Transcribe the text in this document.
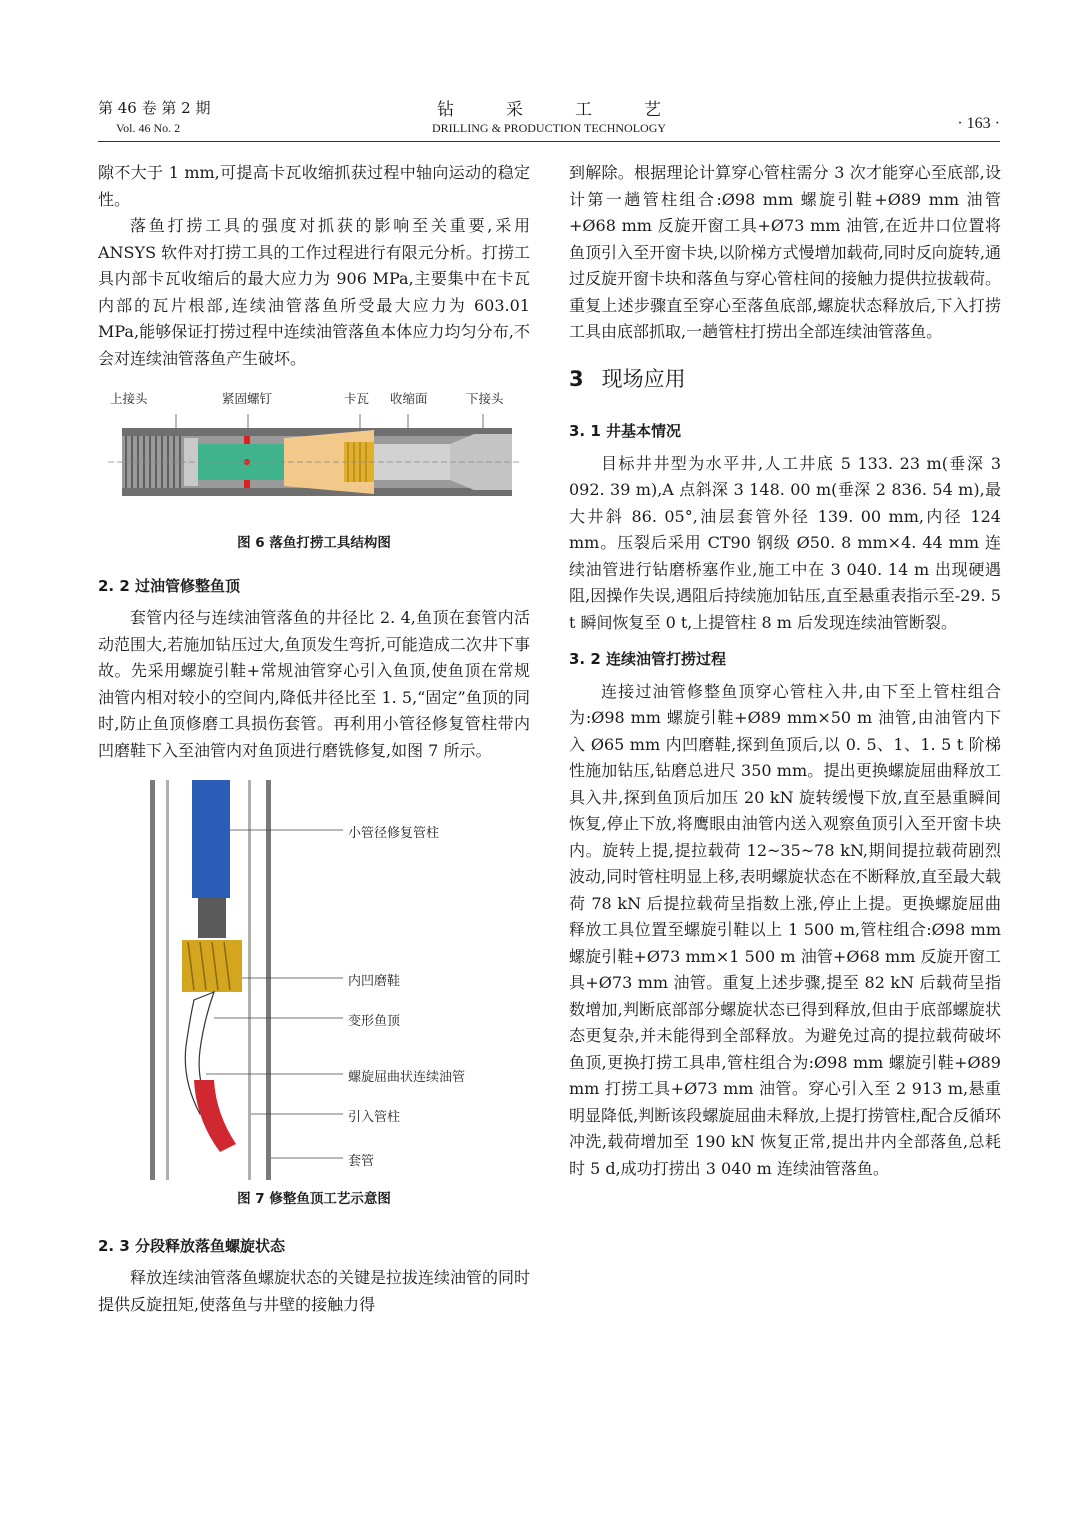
第 46 卷 第 2 期
Vol. 46 No. 2
钻采工艺
DRILLING & PRODUCTION TECHNOLOGY	· 163 ·

隙不大于 1 mm,可提高卡瓦收缩抓获过程中轴向运动的稳定性。

落鱼打捞工具的强度对抓获的影响至关重要,采用 ANSYS 软件对打捞工具的工作过程进行有限元分析。打捞工具内部卡瓦收缩后的最大应力为 906 MPa,主要集中在卡瓦内部的瓦片根部,连续油管落鱼所受最大应力为 603.01 MPa,能够保证打捞过程中连续油管落鱼本体应力均匀分布,不会对连续油管落鱼产生破坏。

上接头	紧固螺钉	卡瓦 收缩面	下接头
图 6 落鱼打捞工具结构图
2. 2 过油管修整鱼顶

套管内径与连续油管落鱼的井径比 2. 4,鱼顶在套管内活动范围大,若施加钻压过大,鱼顶发生弯折,可能造成二次井下事故。先采用螺旋引鞋+常规油管穿心引入鱼顶,使鱼顶在常规油管内相对较小的空间内,降低井径比至 1. 5,“固定”鱼顶的同时,防止鱼顶修磨工具损伤套管。再利用小管径修复管柱带内凹磨鞋下入至油管内对鱼顶进行磨铣修复,如图 7 所示。

小管径修复管柱
内凹磨鞋
变形鱼顶
螺旋屈曲状连续油管
引入管柱
套管
图 7 修整鱼顶工艺示意图
2. 3 分段释放落鱼螺旋状态

释放连续油管落鱼螺旋状态的关键是拉拔连续油管的同时提供反旋扭矩,使落鱼与井壁的接触力得

到解除。根据理论计算穿心管柱需分 3 次才能穿心至底部,设计第一趟管柱组合:Ø98 mm 螺旋引鞋+Ø89 mm 油管+Ø68 mm 反旋开窗工具+Ø73 mm 油管,在近井口位置将鱼顶引入至开窗卡块,以阶梯方式慢增加载荷,同时反向旋转,通过反旋开窗卡块和落鱼与穿心管柱间的接触力提供拉拔载荷。重复上述步骤直至穿心至落鱼底部,螺旋状态释放后,下入打捞工具由底部抓取,一趟管柱打捞出全部连续油管落鱼。

3 现场应用
3. 1 井基本情况

目标井井型为水平井,人工井底 5 133. 23 m(垂深 3 092. 39 m),A 点斜深 3 148. 00 m(垂深 2 836. 54 m),最大井斜 86. 05°,油层套管外径 139. 00 mm,内径 124 mm。压裂后采用 CT90 钢级 Ø50. 8 mm×4. 44 mm 连续油管进行钻磨桥塞作业,施工中在 3 040. 14 m 出现硬遇阻,因操作失误,遇阻后持续施加钻压,直至悬重表指示至-29. 5 t 瞬间恢复至 0 t,上提管柱 8 m 后发现连续油管断裂。

3. 2 连续油管打捞过程

连接过油管修整鱼顶穿心管柱入井,由下至上管柱组合为:Ø98 mm 螺旋引鞋+Ø89 mm×50 m 油管,由油管内下入 Ø65 mm 内凹磨鞋,探到鱼顶后,以 0. 5、1、1. 5 t 阶梯性施加钻压,钻磨总进尺 350 mm。提出更换螺旋屈曲释放工具入井,探到鱼顶后加压 20 kN 旋转缓慢下放,直至悬重瞬间恢复,停止下放,将鹰眼由油管内送入观察鱼顶引入至开窗卡块内。旋转上提,提拉载荷 12~35~78 kN,期间提拉载荷剧烈波动,同时管柱明显上移,表明螺旋状态在不断释放,直至最大载荷 78 kN 后提拉载荷呈指数上涨,停止上提。更换螺旋屈曲释放工具位置至螺旋引鞋以上 1 500 m,管柱组合:Ø98 mm 螺旋引鞋+Ø73 mm×1 500 m 油管+Ø68 mm 反旋开窗工具+Ø73 mm 油管。重复上述步骤,提至 82 kN 后载荷呈指数增加,判断底部部分螺旋状态已得到释放,但由于底部螺旋状态更复杂,并未能得到全部释放。为避免过高的提拉载荷破坏鱼顶,更换打捞工具串,管柱组合为:Ø98 mm 螺旋引鞋+Ø89 mm 打捞工具+Ø73 mm 油管。穿心引入至 2 913 m,悬重明显降低,判断该段螺旋屈曲未释放,上提打捞管柱,配合反循环冲洗,载荷增加至 190 kN 恢复正常,提出井内全部落鱼,总耗时 5 d,成功打捞出 3 040 m 连续油管落鱼。
